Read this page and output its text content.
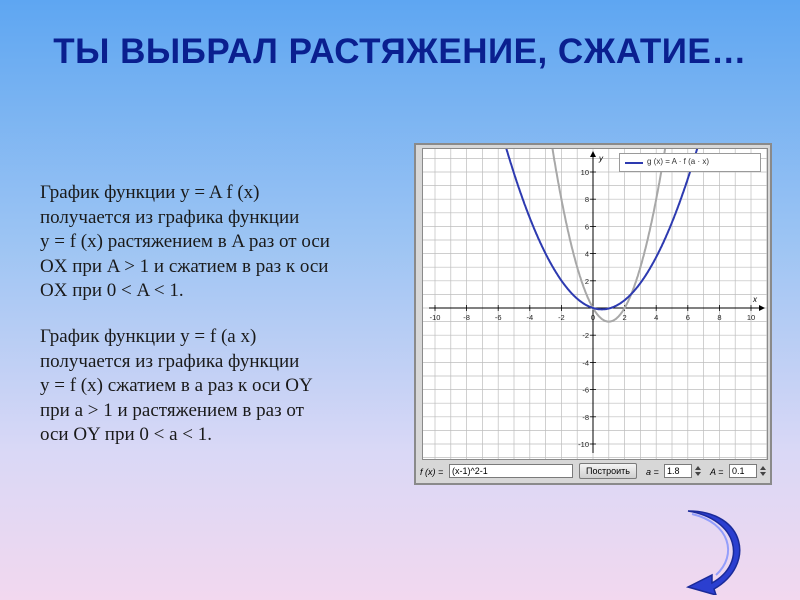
ТЫ ВЫБРАЛ РАСТЯЖЕНИЕ, СЖАТИЕ…
График функции y = A f (x)
получается из графика функции
y = f (x) растяжением в A раз от оси
OX при A > 1 и сжатием в раз к оси
OX при 0 < A < 1.
График функции y = f (a x)
получается из графика функции
y = f (x) сжатием в a раз к оси OY
при a > 1 и растяжением в раз от
оси OY при 0 < a < 1.
x
y
-10	-8	-6	-4	-2	0	2	4	6	8	10
10
8
6
4
2
-2
-4
-6
-8
-10
g (x) = A · f (a · x)
f (x) =
(x-1)^2-1	Построить	a =
1.8	A =
0.1
